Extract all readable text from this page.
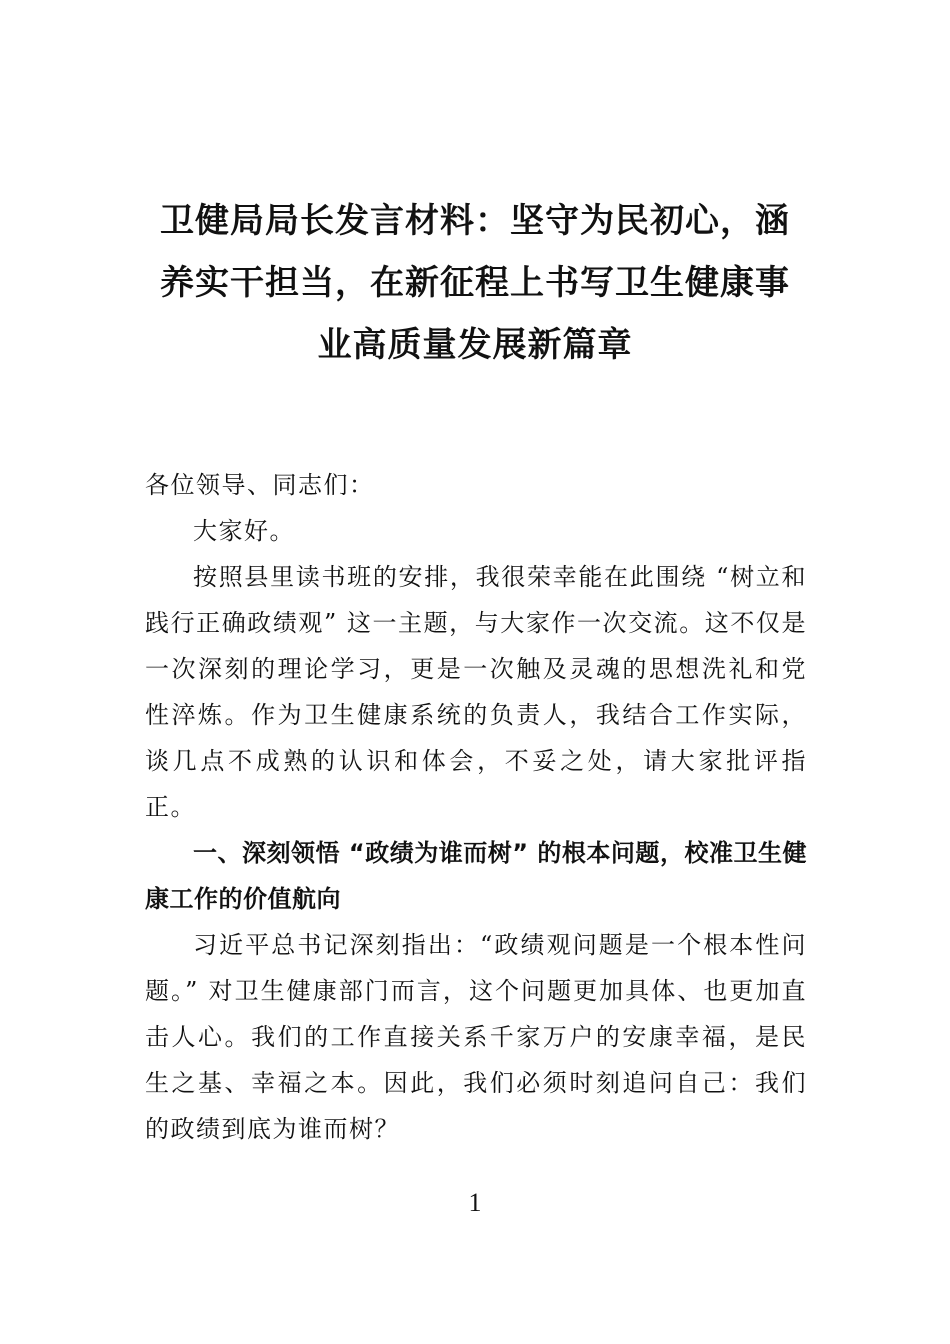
卫健局局长发言材料：坚守为民初心，涵养实干担当，在新征程上书写卫生健康事业高质量发展新篇章

各位领导、同志们：

大家好。

按照县里读书班的安排，我很荣幸能在此围绕 “树立和践行正确政绩观” 这一主题，与大家作一次交流。这不仅是一次深刻的理论学习，更是一次触及灵魂的思想洗礼和党性淬炼。作为卫生健康系统的负责人，我结合工作实际，谈几点不成熟的认识和体会，不妥之处，请大家批评指正。

一、深刻领悟 “政绩为谁而树” 的根本问题，校准卫生健康工作的价值航向

习近平总书记深刻指出：“政绩观问题是一个根本性问题。” 对卫生健康部门而言，这个问题更加具体、也更加直击人心。我们的工作直接关系千家万户的安康幸福，是民生之基、幸福之本。因此，我们必须时刻追问自己：我们的政绩到底为谁而树？

1
